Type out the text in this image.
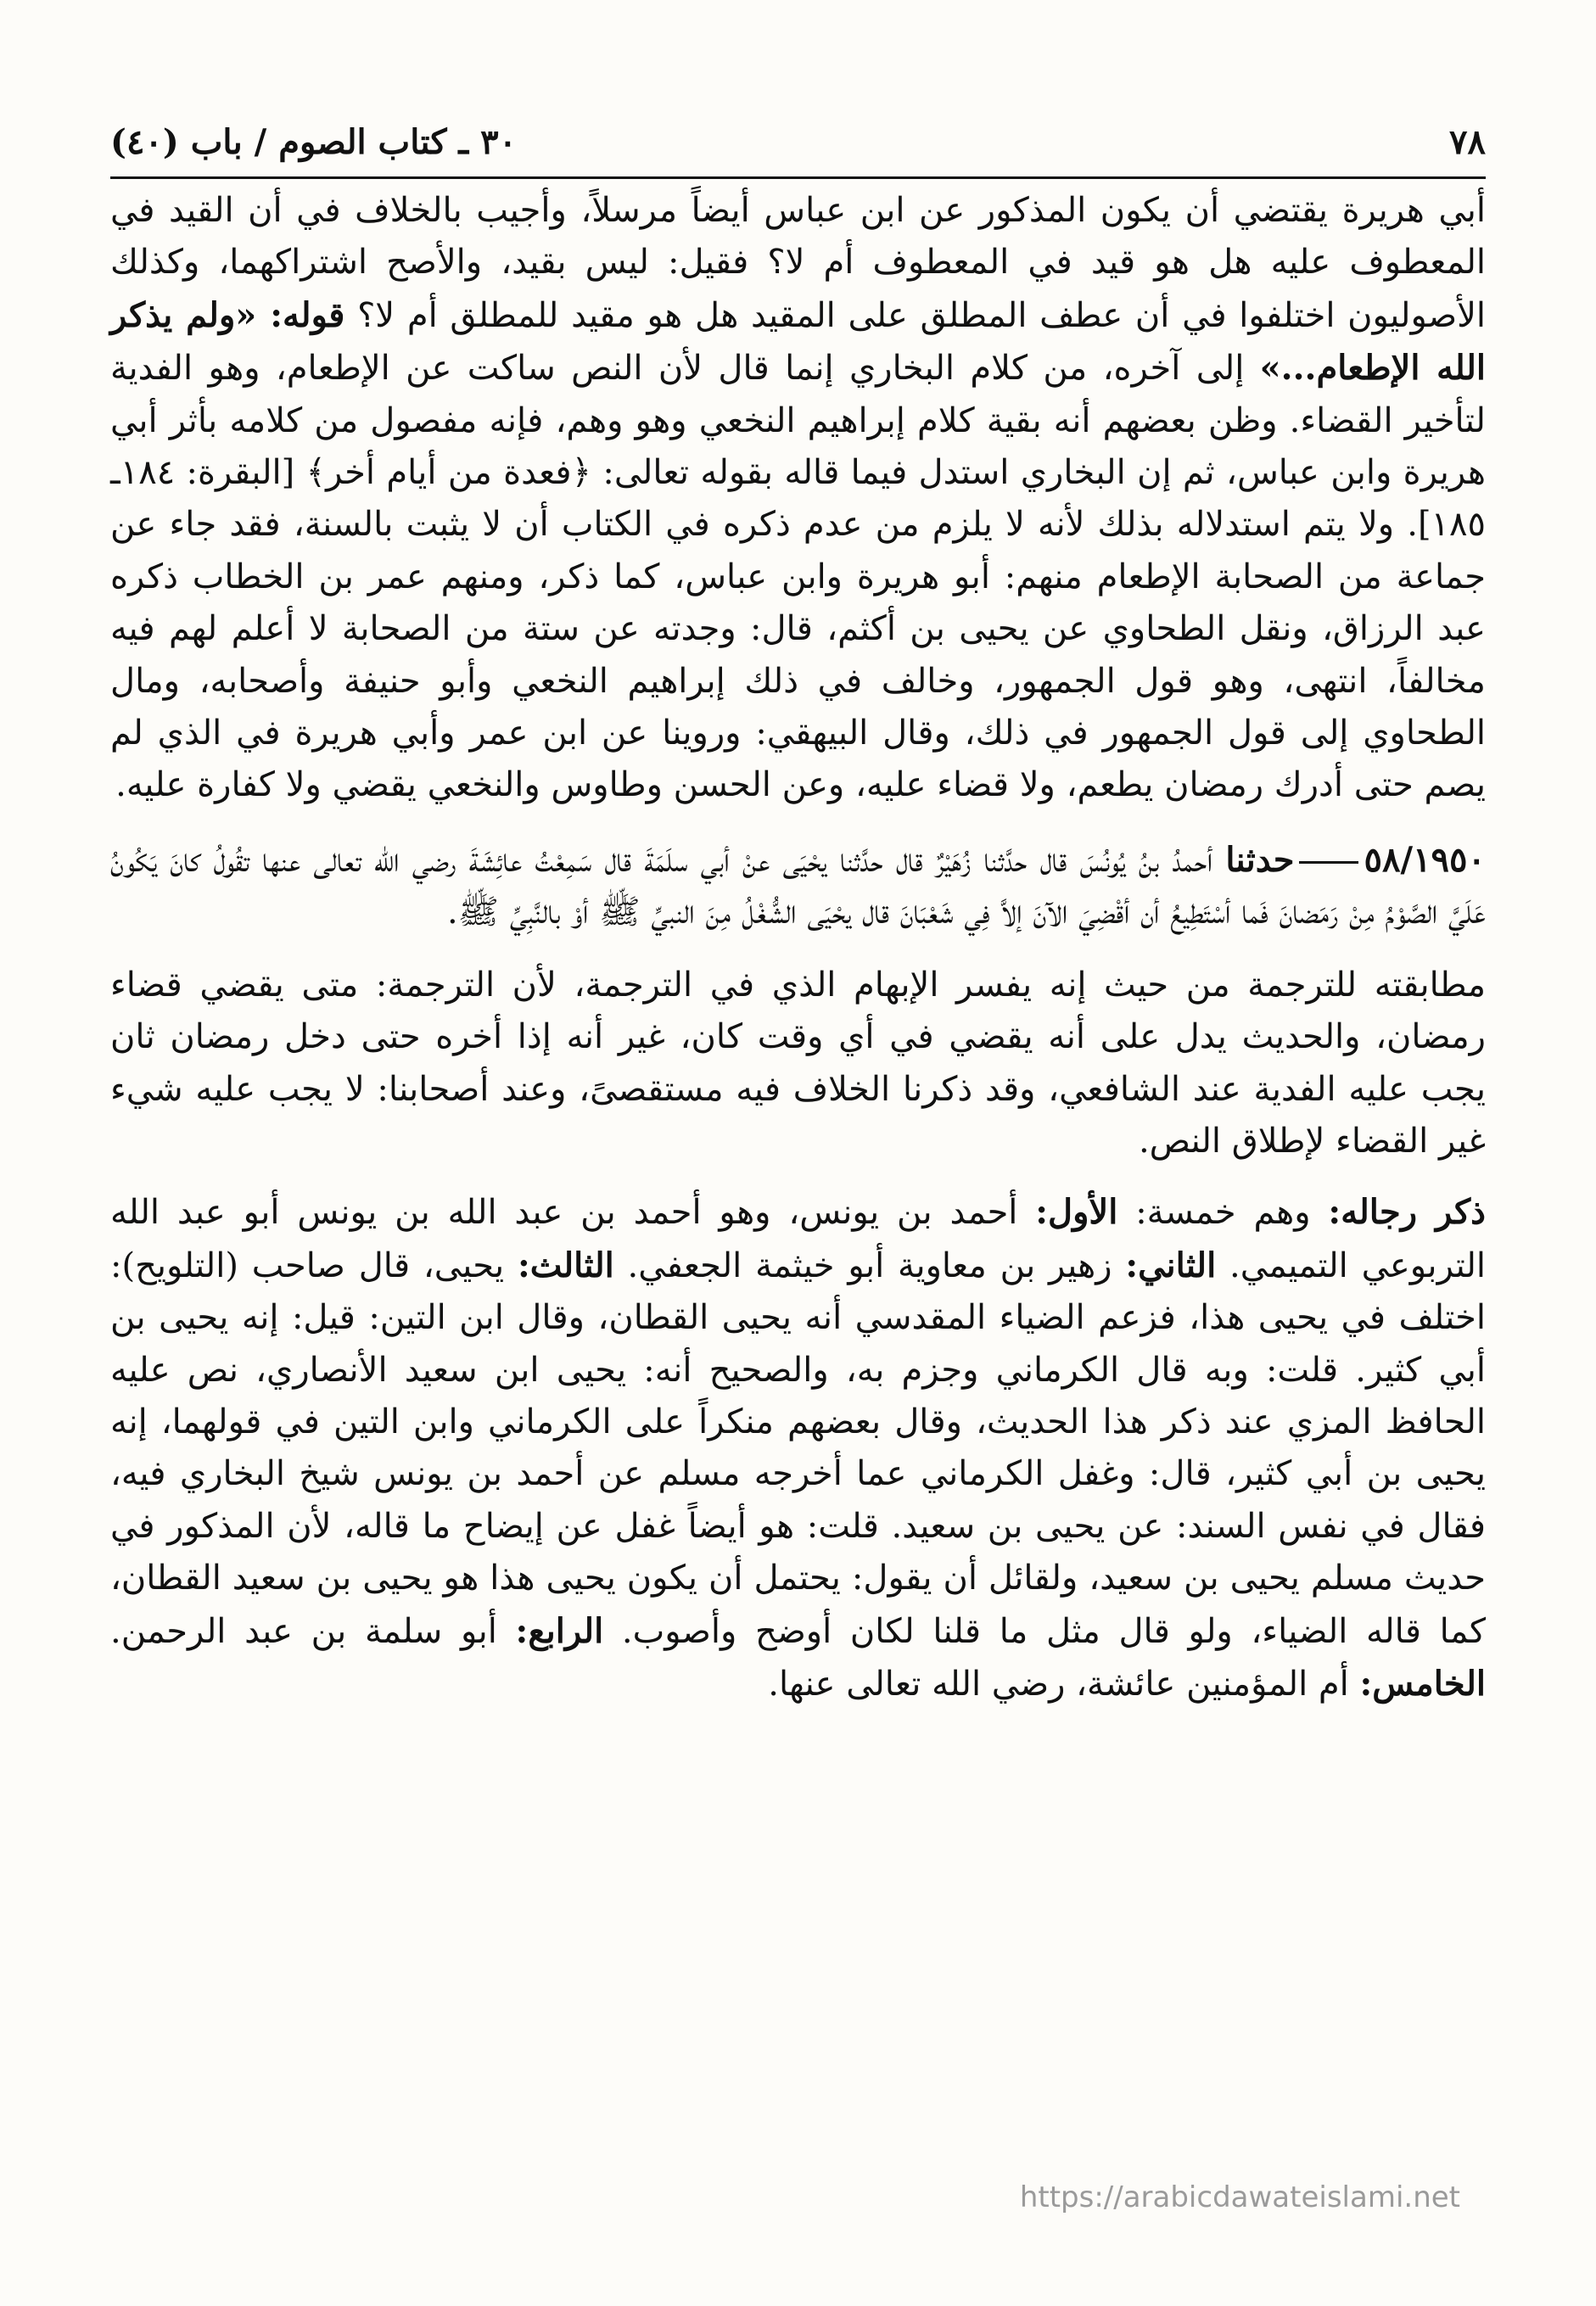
٧٨
٣٠ ـ كتاب الصوم / باب (٤٠)

أبي هريرة يقتضي أن يكون المذكور عن ابن عباس أيضاً مرسلاً، وأجيب بالخلاف في أن القيد في المعطوف عليه هل هو قيد في المعطوف أم لا؟ فقيل: ليس بقيد، والأصح اشتراكهما، وكذلك الأصوليون اختلفوا في أن عطف المطلق على المقيد هل هو مقيد للمطلق أم لا؟ قوله: «ولم يذكر الله الإطعام...» إلى آخره، من كلام البخاري إنما قال لأن النص ساكت عن الإطعام، وهو الفدية لتأخير القضاء. وظن بعضهم أنه بقية كلام إبراهيم النخعي وهو وهم، فإنه مفصول من كلامه بأثر أبي هريرة وابن عباس، ثم إن البخاري استدل فيما قاله بقوله تعالى: ﴿فعدة من أيام أخر﴾ [البقرة: ١٨٤ـ ١٨٥]. ولا يتم استدلاله بذلك لأنه لا يلزم من عدم ذكره في الكتاب أن لا يثبت بالسنة، فقد جاء عن جماعة من الصحابة الإطعام منهم: أبو هريرة وابن عباس، كما ذكر، ومنهم عمر بن الخطاب ذكره عبد الرزاق، ونقل الطحاوي عن يحيى بن أكثم، قال: وجدته عن ستة من الصحابة لا أعلم لهم فيه مخالفاً، انتهى، وهو قول الجمهور، وخالف في ذلك إبراهيم النخعي وأبو حنيفة وأصحابه، ومال الطحاوي إلى قول الجمهور في ذلك، وقال البيهقي: وروينا عن ابن عمر وأبي هريرة في الذي لم يصم حتى أدرك رمضان يطعم، ولا قضاء عليه، وعن الحسن وطاوس والنخعي يقضي ولا كفارة عليه.

٥٨/١٩٥٠حدثنا أحمدُ بنُ يُونُسَ قال حدَّثنا زُهَيْرٌ قال حدَّثنا يحْيَى عنْ أبي سلَمَةَ قال سَمِعْتُ عائِشَةَ رضي الله تعالى عنها تقُولُ كانَ يَكُونُ عَلَيَّ الصَّوْمُ مِنْ رَمَضانَ فَما أسْتَطِيعُ أن أقْضِيَ الآنَ إلاَّ فِي شَعْبَانَ قال يحْيَى الشُّغْلُ مِنَ النبيِّ ﷺ أوْ بالنَّبِيِّ ﷺ.

مطابقته للترجمة من حيث إنه يفسر الإبهام الذي في الترجمة، لأن الترجمة: متى يقضي قضاء رمضان، والحديث يدل على أنه يقضي في أي وقت كان، غير أنه إذا أخره حتى دخل رمضان ثان يجب عليه الفدية عند الشافعي، وقد ذكرنا الخلاف فيه مستقصىً، وعند أصحابنا: لا يجب عليه شيء غير القضاء لإطلاق النص.

ذكر رجاله: وهم خمسة: الأول: أحمد بن يونس، وهو أحمد بن عبد الله بن يونس أبو عبد الله التربوعي التميمي. الثاني: زهير بن معاوية أبو خيثمة الجعفي. الثالث: يحيى، قال صاحب (التلويح): اختلف في يحيى هذا، فزعم الضياء المقدسي أنه يحيى القطان، وقال ابن التين: قيل: إنه يحيى بن أبي كثير. قلت: وبه قال الكرماني وجزم به، والصحيح أنه: يحيى ابن سعيد الأنصاري، نص عليه الحافظ المزي عند ذكر هذا الحديث، وقال بعضهم منكراً على الكرماني وابن التين في قولهما، إنه يحيى بن أبي كثير، قال: وغفل الكرماني عما أخرجه مسلم عن أحمد بن يونس شيخ البخاري فيه، فقال في نفس السند: عن يحيى بن سعيد. قلت: هو أيضاً غفل عن إيضاح ما قاله، لأن المذكور في حديث مسلم يحيى بن سعيد، ولقائل أن يقول: يحتمل أن يكون يحيى هذا هو يحيى بن سعيد القطان، كما قاله الضياء، ولو قال مثل ما قلنا لكان أوضح وأصوب. الرابع: أبو سلمة بن عبد الرحمن. الخامس: أم المؤمنين عائشة، رضي الله تعالى عنها.

https://arabicdawateislami.net
